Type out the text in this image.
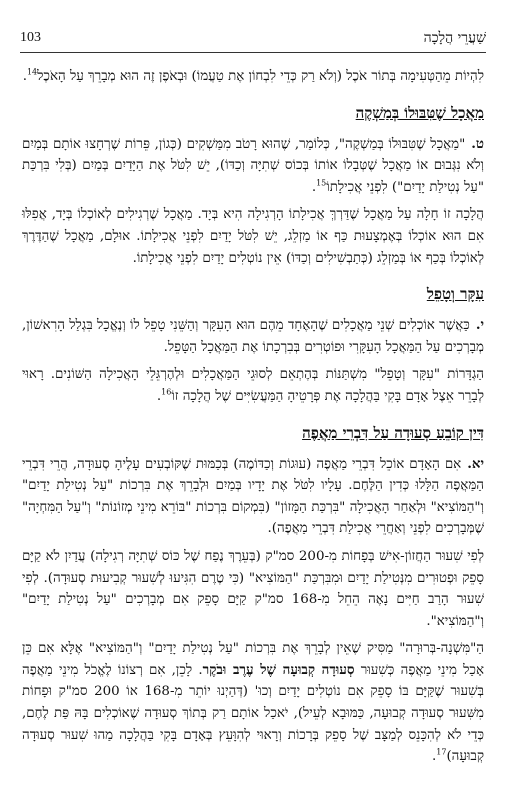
103	שַׁעֲרֵי הֲלָכָה

לִהְיוֹת מֵהַטְּעִימָה בְּתוֹר אֹכֶל (וְלֹא רַק כְּדֵי לִבְחוֹן אֶת טַעֲמוֹ) וּבְאֹפֶן זֶה הוּא מְבָרֵךְ עַל הָאֹכֶל$^{14}$.

מַאֲכָל שֶׁטִּבּוּלוֹ בְּמַשְׁקֶה

ט."מַאֲכָל שֶׁטִּבּוּלוֹ בְּמַשְׁקֶה", כְּלוֹמַר, שֶׁהוּא רָטֹב מִמַּשְׁקִים (כְּגוֹן, פֵּרוֹת שֶׁרְחָצוּ אוֹתָם בְּמַיִם וְלֹא נִגְּבוּם אוֹ מַאֲכָל שֶׁטְּבָלוֹ אוֹתוֹ בְּכוֹס שְׁתִיָּה וְכַדּוֹ), יֵשׁ לִטֹּל אֶת הַיָּדַיִם בְּמַיִם (בְּלִי בִּרְכַּת "עַל נְטִילַת יָדַיִם") לִפְנֵי אֲכִילָתוֹ$^{15}$.

הֲלָכָה זוֹ חָלָה עַל מַאֲכָל שֶׁדַּרְךְּ אֲכִילָתוֹ הָרְגִילָה הִיא בְּיָד. מַאֲכָל שֶׁרְגִילִים לְאוֹכְלוֹ בְּיָד, אֲפִלּוּ אִם הוּא אוֹכְלוֹ בְּאֶמְצָעוּת כַּף אוֹ מַזְלֵג, יֵשׁ לִטֹּל יָדַיִם לִפְנֵי אֲכִילָתוֹ. אוּלָם, מַאֲכָל שֶׁהַדֶּרֶךְ לְאוֹכְלוֹ בְּכַף אוֹ בְּמַזְלֵג (כְּתַבְשִׁילִים וְכַדּוֹ) אֵין נוֹטְלִים יָדַיִם לִפְנֵי אֲכִילָתוֹ.

עִקָּר וְטָפֵל

י.כַּאֲשֶׁר אוֹכְלִים שְׁנֵי מַאֲכָלִים שֶׁהָאֶחָד מֵהֶם הוּא הָעִקָּר וְהַשֵּׁנִי טָפֵל לוֹ וְנֶאֱכָל בִּגְלַל הָרִאשׁוֹן, מְבָרְכִים עַל הַמַּאֲכָל הָעִקָּרִי וּפוֹטְרִים בְּבִרְכָתוֹ אֶת הַמַּאֲכָל הַטָּפֵל.

הַגְדָּרוֹת "עִקָּר וְטָפֵל" מִשְׁתַּנּוֹת בְּהֶתְאֵם לְסוּגֵי הַמַּאֲכָלִים וּלְהֶרְגֵּלֵי הָאֲכִילָה הַשּׁוֹנִים. רָאוּי לְבָרֵר אֵצֶל אָדָם בָּקִי בַּהֲלָכָה אֶת פְּרָטֵיהָ הַמַּעֲשִׂיִּים שֶׁל הֲלָכָה זוֹ$^{16}$.

דִּין קוֹבֵעַ סְעוּדָה עַל דִּבְרֵי מַאֲפֶה

יא.אִם הָאָדָם אוֹכֵל דִּבְרֵי מַאֲפֶה (עוּגוֹת וְכַדּוֹמֶה) בְּכַמּוּת שֶׁקּוֹבְעִים עָלֶיהָ סְעוּדָה, הֲרֵי דִּבְרֵי הַמַּאֲפֶה הַלָּלוּ כְּדִין הַלֶּחֶם. עָלָיו לִטֹּל אֶת יָדָיו בְּמַיִם וּלְבָרֵךְ אֶת בִּרְכוֹת "עַל נְטִילַת יָדַיִם" וְ"הַמּוֹצִיא" וּלְאַחַר הָאֲכִילָה "בִּרְכַּת הַמָּזוֹן" (בִּמְקוֹם בִּרְכוֹת "בּוֹרֵא מִינֵי מְזוֹנוֹת" וְ"עַל הַמִּחְיָה" שֶׁמְּבָרְכִים לִפְנֵי וְאַחֲרֵי אֲכִילַת דִּבְרֵי מַאֲפֶה).

לְפִי שִׁעוּר הַחֲזוֹן-אִישׁ בְּפָחוֹת מִ-200 סמ"ק (בְּעֵרֶךְ נֶפַח שֶׁל כּוֹס שְׁתִיָּה רְגִילָה) עֲדַיִן לֹא קַיָּם סָפֵק וּפְטוּרִים מִנְּטִילַת יָדַיִם וּמִבִּרְכַּת "הַמּוֹצִיא" (כִּי טֶרֶם הִגִּיעוּ לְשִׁעוּר קְבִיעוּת סְעוּדָה). לְפִי שִׁעוּר הָרַב חַיִּים נָאֶה הֵחֵל מִ-168 סמ"ק קַיָּם סָפֵק אִם מְבָרְכִים "עַל נְטִילַת יָדַיִם" וְ"הַמּוֹצִיא".

הַ"מִּשְׁנָה-בְּרוּרָה" מַסִּיק שֶׁאֵין לְבָרֵךְ אֶת בִּרְכוֹת "עַל נְטִילַת יָדַיִם" וְ"הַמּוֹצִיא" אֶלָּא אִם כֵּן אָכַל מִינֵי מַאֲפֶה כְּשִׁעוּר סְעוּדָה קְבוּעָה שֶׁל עֶרֶב וּבֹקֶר. לָכֵן, אִם רְצוֹנוֹ לֶאֱכֹל מִינֵי מַאֲפֶה בְּשִׁעוּר שֶׁקַּיָּם בּוֹ סָפֵק אִם נוֹטְלִים יָדַיִם וְכוּ' (דְּהַיְנוּ יוֹתֵר מִ-168 אוֹ 200 סמ"ק וּפָחוֹת מִשִּׁעוּר סְעוּדָה קְבוּעָה, כַּמּוּבָא לְעֵיל), יֹאכַל אוֹתָם רַק בְּתוֹךְ סְעוּדָה שֶׁאוֹכְלִים בָּהּ פַּת לֶחֶם, כְּדֵי לֹא לְהִכָּנֵס לְמַצָּב שֶׁל סָפֵק בְּרָכוֹת וְרָאוּי לְהִוָּעֵץ בְּאָדָם בָּקִי בַּהֲלָכָה מַהוּ שִׁעוּר סְעוּדָה קְבוּעָה)$^{17}$.
